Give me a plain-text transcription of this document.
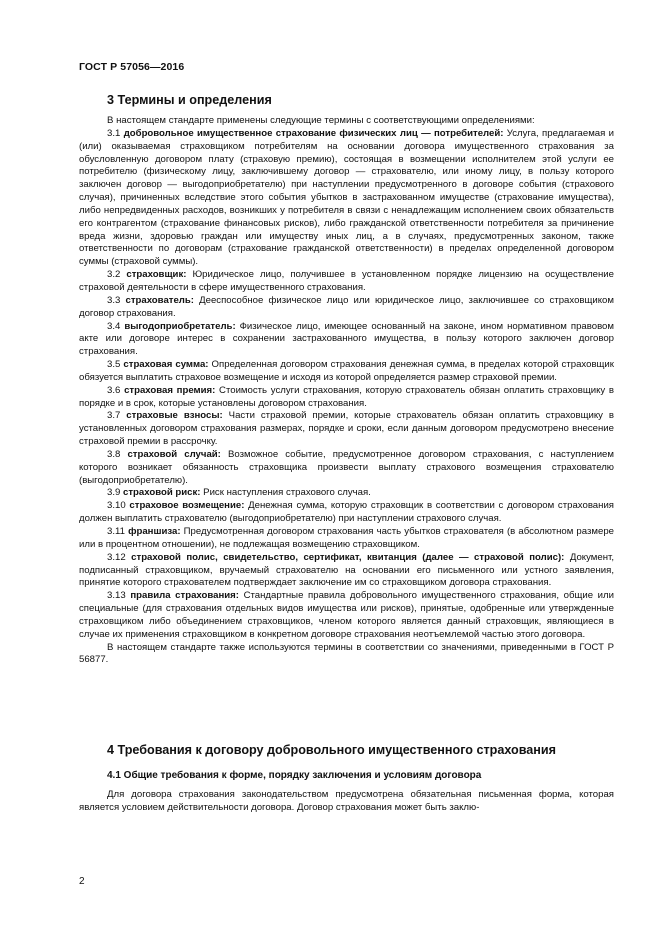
ГОСТ Р 57056—2016
3 Термины и определения

В настоящем стандарте применены следующие термины с соответствующими определениями:

3.1 добровольное имущественное страхование физических лиц — потребителей: Услуга, предлагаемая и (или) оказываемая страховщиком потребителям на основании договора имущественного страхования за обусловленную договором плату (страховую премию), состоящая в возмещении исполнителем этой услуги ее потребителю (физическому лицу, заключившему договор — страхователю, или иному лицу, в пользу которого заключен договор — выгодоприобретателю) при наступлении предусмотренного в договоре события (страхового случая), причиненных вследствие этого события убытков в застрахованном имуществе (страхование имущества), либо непредвиденных расходов, возникших у потребителя в связи с ненадлежащим исполнением своих обязательств его контрагентом (страхование финансовых рисков), либо гражданской ответственности потребителя за причинение вреда жизни, здоровью граждан или имуществу иных лиц, а в случаях, предусмотренных законом, также ответственности по договорам (страхование гражданской ответственности) в пределах определенной договором суммы (страховой суммы).

3.2 страховщик: Юридическое лицо, получившее в установленном порядке лицензию на осуществление страховой деятельности в сфере имущественного страхования.

3.3 страхователь: Дееспособное физическое лицо или юридическое лицо, заключившее со страховщиком договор страхования.

3.4 выгодоприобретатель: Физическое лицо, имеющее основанный на законе, ином нормативном правовом акте или договоре интерес в сохранении застрахованного имущества, в пользу которого заключен договор страхования.

3.5 страховая сумма: Определенная договором страхования денежная сумма, в пределах которой страховщик обязуется выплатить страховое возмещение и исходя из которой определяется размер страховой премии.

3.6 страховая премия: Стоимость услуги страхования, которую страхователь обязан оплатить страховщику в порядке и в срок, которые установлены договором страхования.

3.7 страховые взносы: Части страховой премии, которые страхователь обязан оплатить страховщику в установленных договором страхования размерах, порядке и сроки, если данным договором предусмотрено внесение страховой премии в рассрочку.

3.8 страховой случай: Возможное событие, предусмотренное договором страхования, с наступлением которого возникает обязанность страховщика произвести выплату страхового возмещения страхователю (выгодоприобретателю).

3.9 страховой риск: Риск наступления страхового случая.

3.10 страховое возмещение: Денежная сумма, которую страховщик в соответствии с договором страхования должен выплатить страхователю (выгодоприобретателю) при наступлении страхового случая.

3.11 франшиза: Предусмотренная договором страхования часть убытков страхователя (в абсолютном размере или в процентном отношении), не подлежащая возмещению страховщиком.

3.12 страховой полис, свидетельство, сертификат, квитанция (далее — страховой полис): Документ, подписанный страховщиком, вручаемый страхователю на основании его письменного или устного заявления, принятие которого страхователем подтверждает заключение им со страховщиком договора страхования.

3.13 правила страхования: Стандартные правила добровольного имущественного страхования, общие или специальные (для страхования отдельных видов имущества или рисков), принятые, одобренные или утвержденные страховщиком либо объединением страховщиков, членом которого является данный страховщик, являющиеся в случае их применения страховщиком в конкретном договоре страхования неотъемлемой частью этого договора.

В настоящем стандарте также используются термины в соответствии со значениями, приведенными в ГОСТ Р 56877.

4 Требования к договору добровольного имущественного страхования
4.1 Общие требования к форме, порядку заключения и условиям договора

Для договора страхования законодательством предусмотрена обязательная письменная форма, которая является условием действительности договора. Договор страхования может быть заклю-

2
